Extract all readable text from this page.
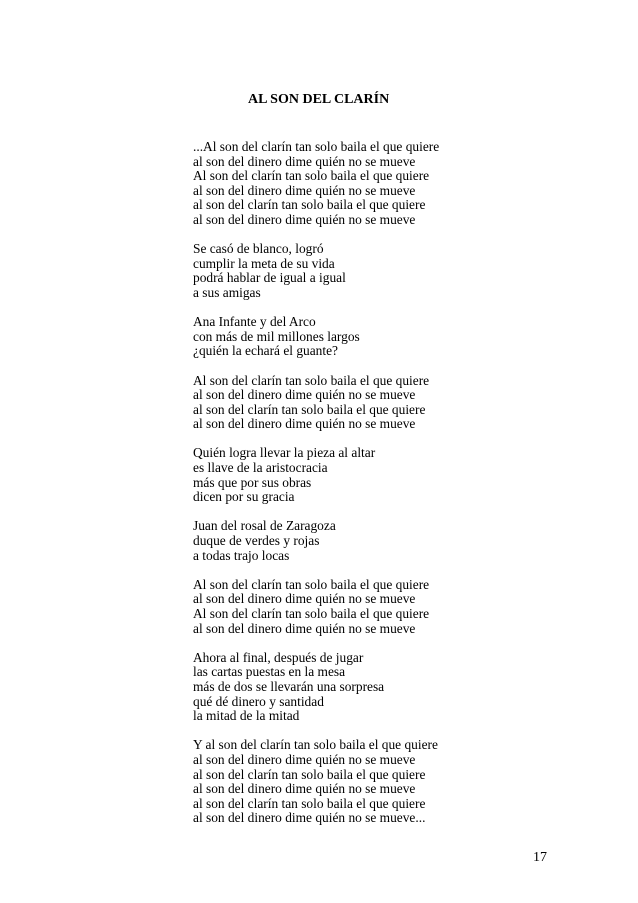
AL SON DEL CLARÍN

...Al son del clarín tan solo baila el que quiere
al son del dinero dime quién no se mueve
Al son del clarín tan solo baila el que quiere
al son del dinero dime quién no se mueve
al son del clarín tan solo baila el que quiere
al son del dinero dime quién no se mueve

Se casó de blanco, logró
cumplir la meta de su vida
podrá hablar de igual a igual
a sus amigas

Ana Infante y del Arco
con más de mil millones largos
¿quién la echará el guante?

Al son del clarín tan solo baila el que quiere
al son del dinero dime quién no se mueve
al son del clarín tan solo baila el que quiere
al son del dinero dime quién no se mueve

Quién logra llevar la pieza al altar
es llave de la aristocracia
más que por sus obras
dicen por su gracia

Juan del rosal de Zaragoza
duque de verdes y rojas
a todas trajo locas

Al son del clarín tan solo baila el que quiere
al son del dinero dime quién no se mueve
Al son del clarín tan solo baila el que quiere
al son del dinero dime quién no se mueve

Ahora al final, después de jugar
las cartas puestas en la mesa
más de dos se llevarán una sorpresa
qué dé dinero y santidad
la mitad de la mitad

Y al son del clarín tan solo baila el que quiere
al son del dinero dime quién no se mueve
al son del clarín tan solo baila el que quiere
al son del dinero dime quién no se mueve
al son del clarín tan solo baila el que quiere
al son del dinero dime quién no se mueve...

17
